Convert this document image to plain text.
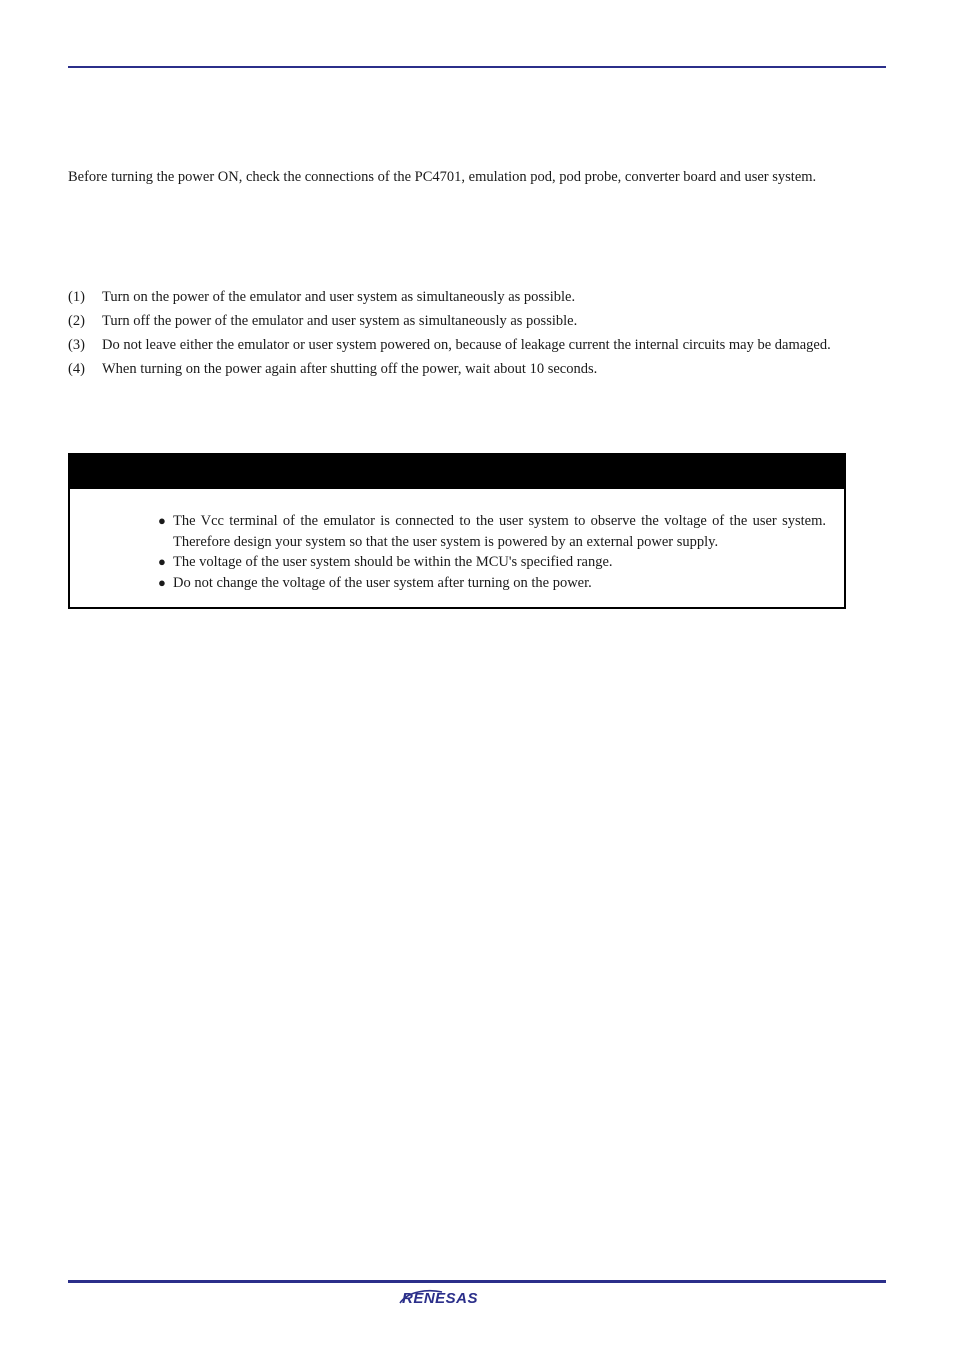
Before turning the power ON, check the connections of the PC4701, emulation pod, pod probe, converter board and user system.

(1)	Turn on the power of the emulator and user system as simultaneously as possible.
(2)	Turn off the power of the emulator and user system as simultaneously as possible.
(3)	Do not leave either the emulator or user system powered on, because of leakage current the internal circuits may be damaged.
(4)	When turning on the power again after shutting off the power, wait about 10 seconds.
● The Vcc terminal of the emulator is connected to the user system to observe the voltage of the user system. Therefore design your system so that the user system is powered by an external power supply.
● The voltage of the user system should be within the MCU's specified range.
● Do not change the voltage of the user system after turning on the power.
RENESAS
